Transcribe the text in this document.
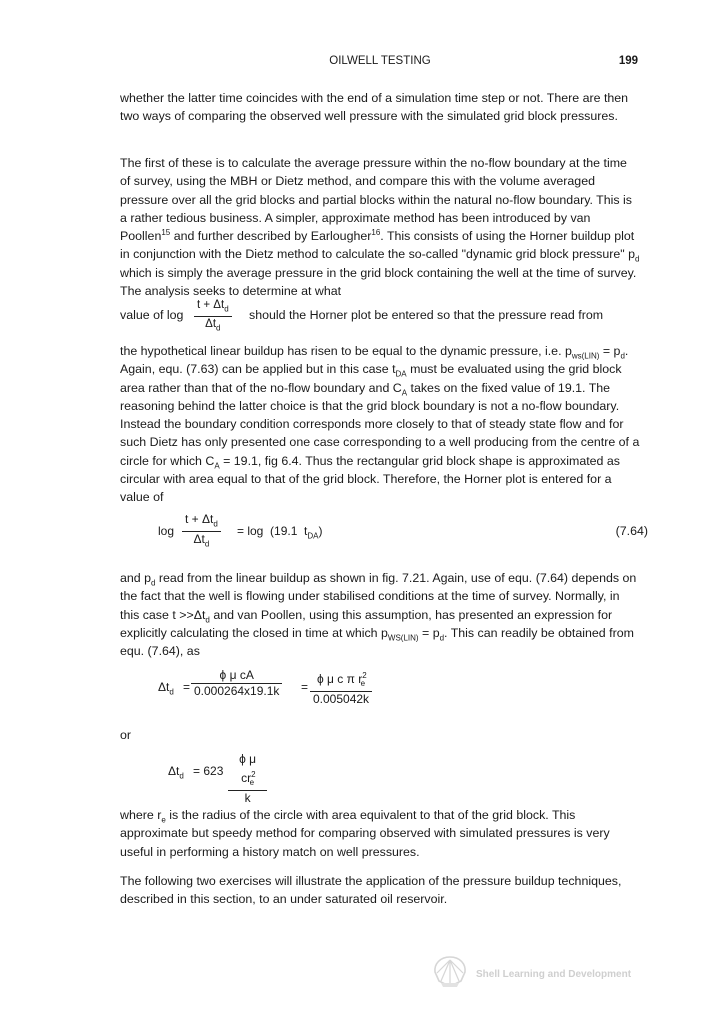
OILWELL TESTING	199

whether the latter time coincides with the end of a simulation time step or not. There are then two ways of comparing the observed well pressure with the simulated grid block pressures.

The first of these is to calculate the average pressure within the no-flow boundary at the time of survey, using the MBH or Dietz method, and compare this with the volume averaged pressure over all the grid blocks and partial blocks within the natural no-flow boundary. This is a rather tedious business. A simpler, approximate method has been introduced by van Poollen$^{15}$ and further described by Earlougher$^{16}$. This consists of using the Horner buildup plot in conjunction with the Dietz method to calculate the so-called "dynamic grid block pressure" $p_d$ which is simply the average pressure in the grid block containing the well at the time of survey. The analysis seeks to determine at what

value of log
$t + \Delta t_d$
$\Delta t_d$
should the Horner plot be entered so that the pressure read from

the hypothetical linear buildup has risen to be equal to the dynamic pressure, i.e. $p_{ws(LIN)} = p_d$. Again, equ. (7.63) can be applied but in this case $t_{DA}$ must be evaluated using the grid block area rather than that of the no-flow boundary and $C_A$ takes on the fixed value of 19.1. The reasoning behind the latter choice is that the grid block boundary is not a no-flow boundary. Instead the boundary condition corresponds more closely to that of steady state flow and for such Dietz has only presented one case corresponding to a well producing from the centre of a circle for which $C_A = 19.1$, fig 6.4. Thus the rectangular grid block shape is approximated as circular with area equal to that of the grid block. Therefore, the Horner plot is entered for a value of

log
$t + \Delta t_d$
$\Delta t_d$
= log  (19.1  $t_{DA}$)	(7.64)

and $p_d$ read from the linear buildup as shown in fig. 7.21. Again, use of equ. (7.64) depends on the fact that the well is flowing under stabilised conditions at the time of survey. Normally, in this case $t >>\Delta t_d$ and van Poollen, using this assumption, has presented an expression for explicitly calculating the closed in time at which $p_{WS(LIN)} = p_d$. This can readily be obtained from equ. (7.64), as

$\Delta t_d = \frac{\text{ϕ μ cA}}{0.000264x19.1k} = \frac{\phi \mu c \pi r^2_e}{0.005042k}$

or

$\Delta t_d = 623 \frac{\phi \mu cr^2_e}{k}$

where $r_e$ is the radius of the circle with area equivalent to that of the grid block. This approximate but speedy method for comparing observed with simulated pressures is very useful in performing a history match on well pressures.

The following two exercises will illustrate the application of the pressure buildup techniques, described in this section, to an under saturated oil reservoir.

Shell Learning and Development
